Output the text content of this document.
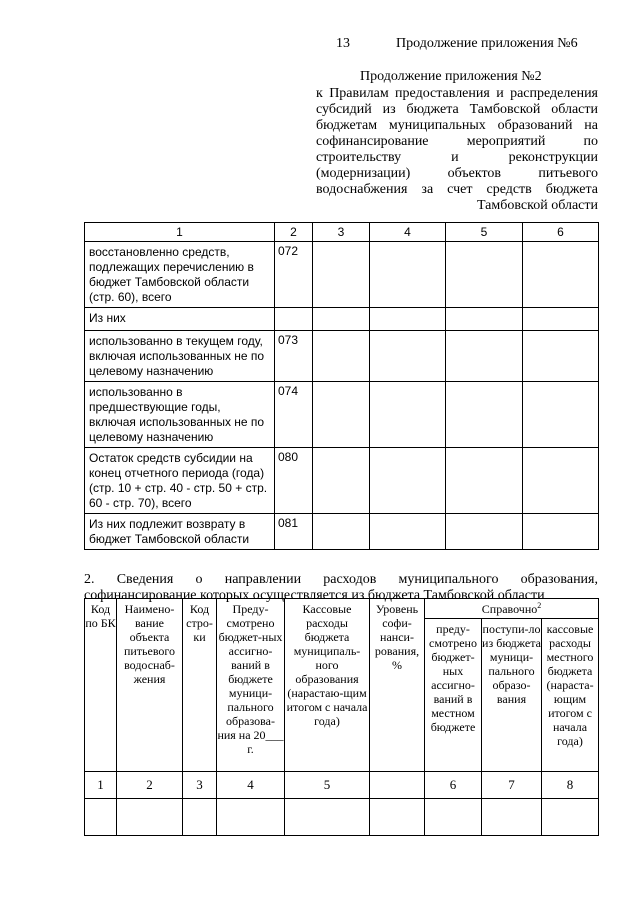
13	Продолжение приложения №6
Продолжение приложения №2
к Правилам предоставления и распределения
субсидий из бюджета Тамбовской области
бюджетам муниципальных образований на
софинансирование мероприятий по
строительству и реконструкции
(модернизации) объектов питьевого
водоснабжения за счет средств бюджета
Тамбовской области
1	2	3	4	5	6
восстановленно средств, подлежащих перечислению в бюджет Тамбовской области (стр. 60), всего	072				
Из них					
использованно в текущем году, включая использованных не по целевому назначению	073				
использованно в предшествующие годы, включая использованных не по целевому назначению	074				
Остаток средств субсидии на конец отчетного периода (года) (стр. 10 + стр. 40 - стр. 50 + стр. 60 - стр. 70), всего	080				
Из них подлежит возврату в бюджет Тамбовской области	081				
2. Сведения о направлении расходов муниципального образования,
софинансирование которых осуществляется из бюджета Тамбовской области
Код по БК	Наимено-вание объекта питьевого водоснаб-жения	Код стро-ки	Преду-смотрено бюджет-ных ассигно-ваний в бюджете муници-пального образова-ния на 20___ г.	Кассовые расходы бюджета муниципаль-ного образования (нарастаю-щим итогом с начала года)	Уровень софи-нанси-рования, %	Справочно$^2$
						преду-смотрено бюджет-ных ассигно-ваний в местном бюджете	поступи-ло из бюджета муници-пального образо-вания	кассовые расходы местного бюджета (нараста-ющим итогом с начала года)
1	2	3	4	5		6	7	8
